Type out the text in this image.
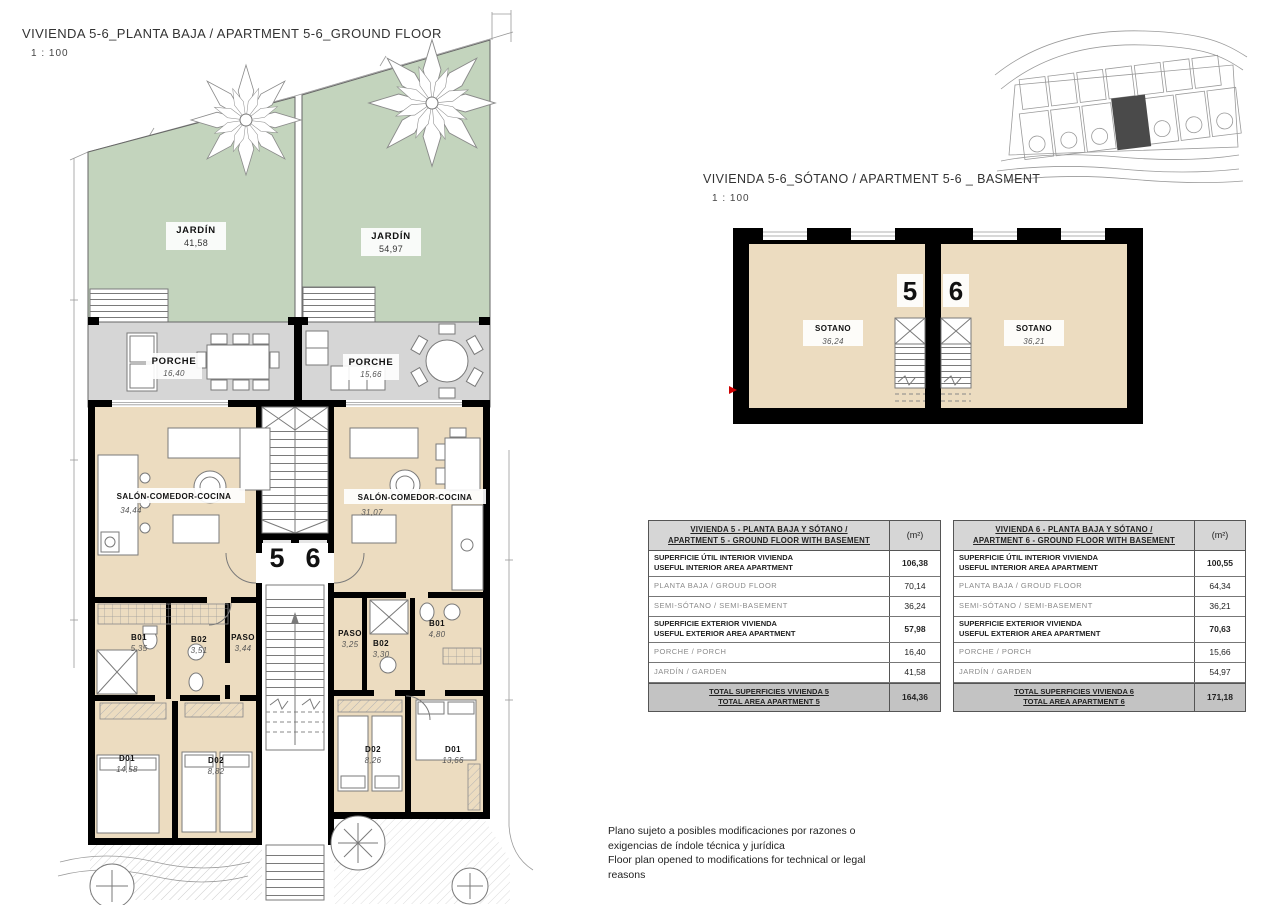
JARDÍN
41,58
JARDÍN
54,97
PORCHE
16,40
PORCHE
15,66
SALÓN-COMEDOR-COCINA
34,44
SALÓN-COMEDOR-COCINA
31,07
5 6
B01
5,35
B02
3,51
PASO
3,44
PASO
3,25 B02
3,30
B01
4,80
D01
14,58
D02
8,82
D02
8,26
D01
13,66
5 6
SOTANO
36,24
SOTANO
36,21
VIVIENDA 5-6_PLANTA BAJA / APARTMENT 5-6_GROUND FLOOR
1 : 100
VIVIENDA 5-6_SÓTANO / APARTMENT 5-6 _ BASMENT
1 : 100
VIVIENDA 5 - PLANTA BAJA Y SÓTANO /
APARTMENT 5 - GROUND FLOOR WITH BASEMENT
(m²)
SUPERFICIE ÚTIL INTERIOR VIVIENDA
USEFUL INTERIOR AREA APARTMENT	106,38
PLANTA BAJA / GROUD FLOOR	70,14
SEMI-SÓTANO / SEMI-BASEMENT	36,24
SUPERFICIE EXTERIOR VIVIENDA
USEFUL EXTERIOR AREA APARTMENT	57,98
PORCHE / PORCH	16,40
JARDÍN / GARDEN	41,58
TOTAL SUPERFICIES VIVIENDA 5
TOTAL AREA APARTMENT 5	164,36
VIVIENDA 6 - PLANTA BAJA Y SÓTANO /
APARTMENT 6 - GROUND FLOOR WITH BASEMENT
(m²)
SUPERFICIE ÚTIL INTERIOR VIVIENDA
USEFUL INTERIOR AREA APARTMENT	100,55
PLANTA BAJA / GROUD FLOOR	64,34
SEMI-SÓTANO / SEMI-BASEMENT	36,21
SUPERFICIE EXTERIOR VIVIENDA
USEFUL EXTERIOR AREA APARTMENT	70,63
PORCHE / PORCH	15,66
JARDÍN / GARDEN	54,97
TOTAL SUPERFICIES VIVIENDA 6
TOTAL AREA APARTMENT 6	171,18
Plano sujeto a posibles modificaciones por razones o
exigencias de índole técnica y jurídica
Floor plan opened to modifications for technical or legal
reasons
